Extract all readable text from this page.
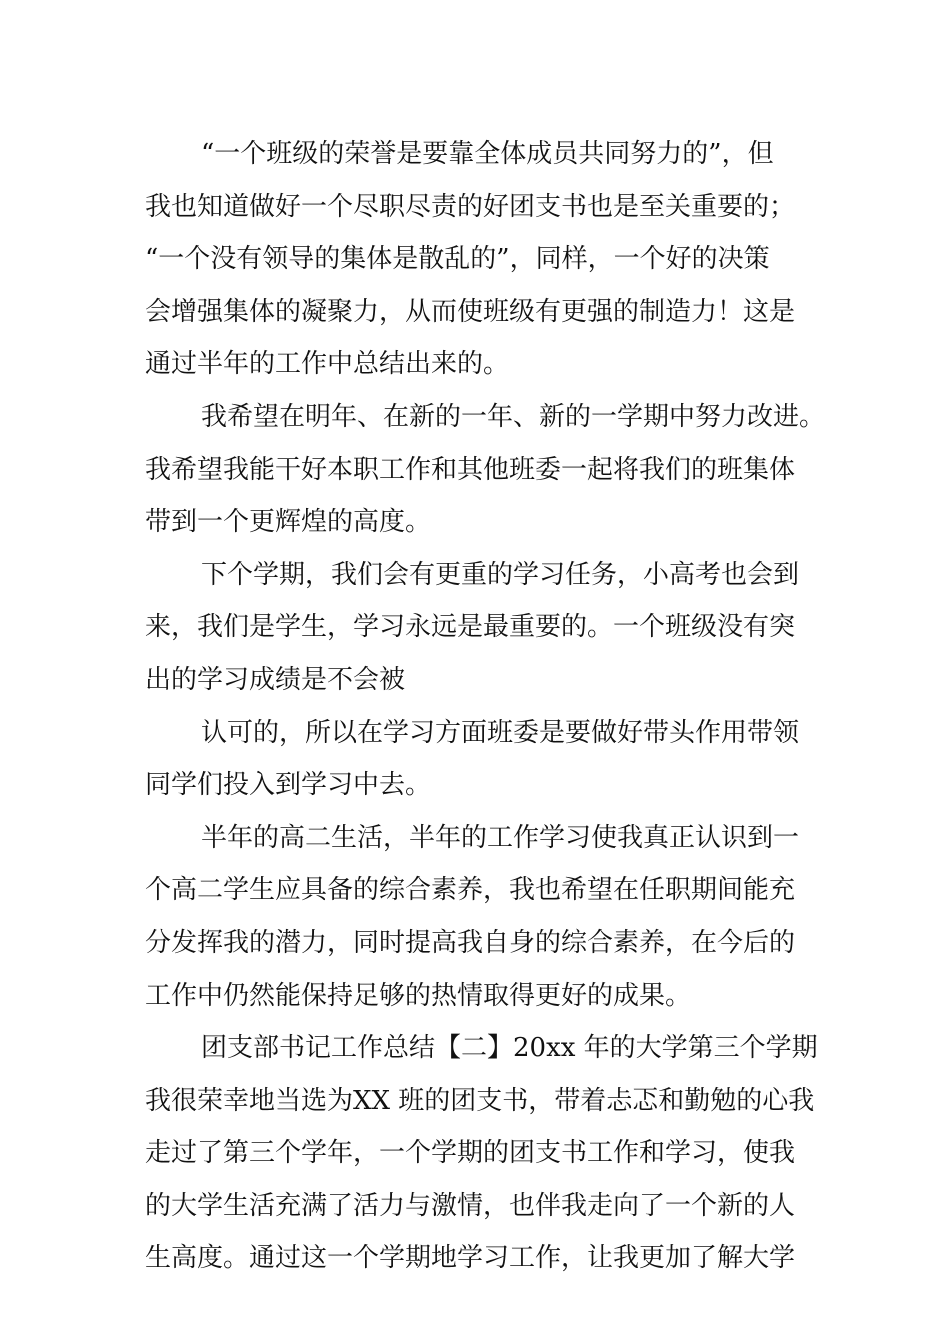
“一个班级的荣誉是要靠全体成员共同努力的”，但
我也知道做好一个尽职尽责的好团支书也是至关重要的；
“一个没有领导的集体是散乱的”，同样，一个好的决策
会增强集体的凝聚力，从而使班级有更强的制造力！这是
通过半年的工作中总结出来的。
我希望在明年、在新的一年、新的一学期中努力改进。
我希望我能干好本职工作和其他班委一起将我们的班集体
带到一个更辉煌的高度。
下个学期，我们会有更重的学习任务，小高考也会到
来，我们是学生，学习永远是最重要的。一个班级没有突
出的学习成绩是不会被
认可的，所以在学习方面班委是要做好带头作用带领
同学们投入到学习中去。
半年的高二生活，半年的工作学习使我真正认识到一
个高二学生应具备的综合素养，我也希望在任职期间能充
分发挥我的潜力，同时提高我自身的综合素养，在今后的
工作中仍然能保持足够的热情取得更好的成果。
团支部书记工作总结【二】20xx 年的大学第三个学期
我很荣幸地当选为XX 班的团支书，带着忐忑和勤勉的心我
走过了第三个学年，一个学期的团支书工作和学习，使我
的大学生活充满了活力与激情，也伴我走向了一个新的人
生高度。通过这一个学期地学习工作，让我更加了解大学
